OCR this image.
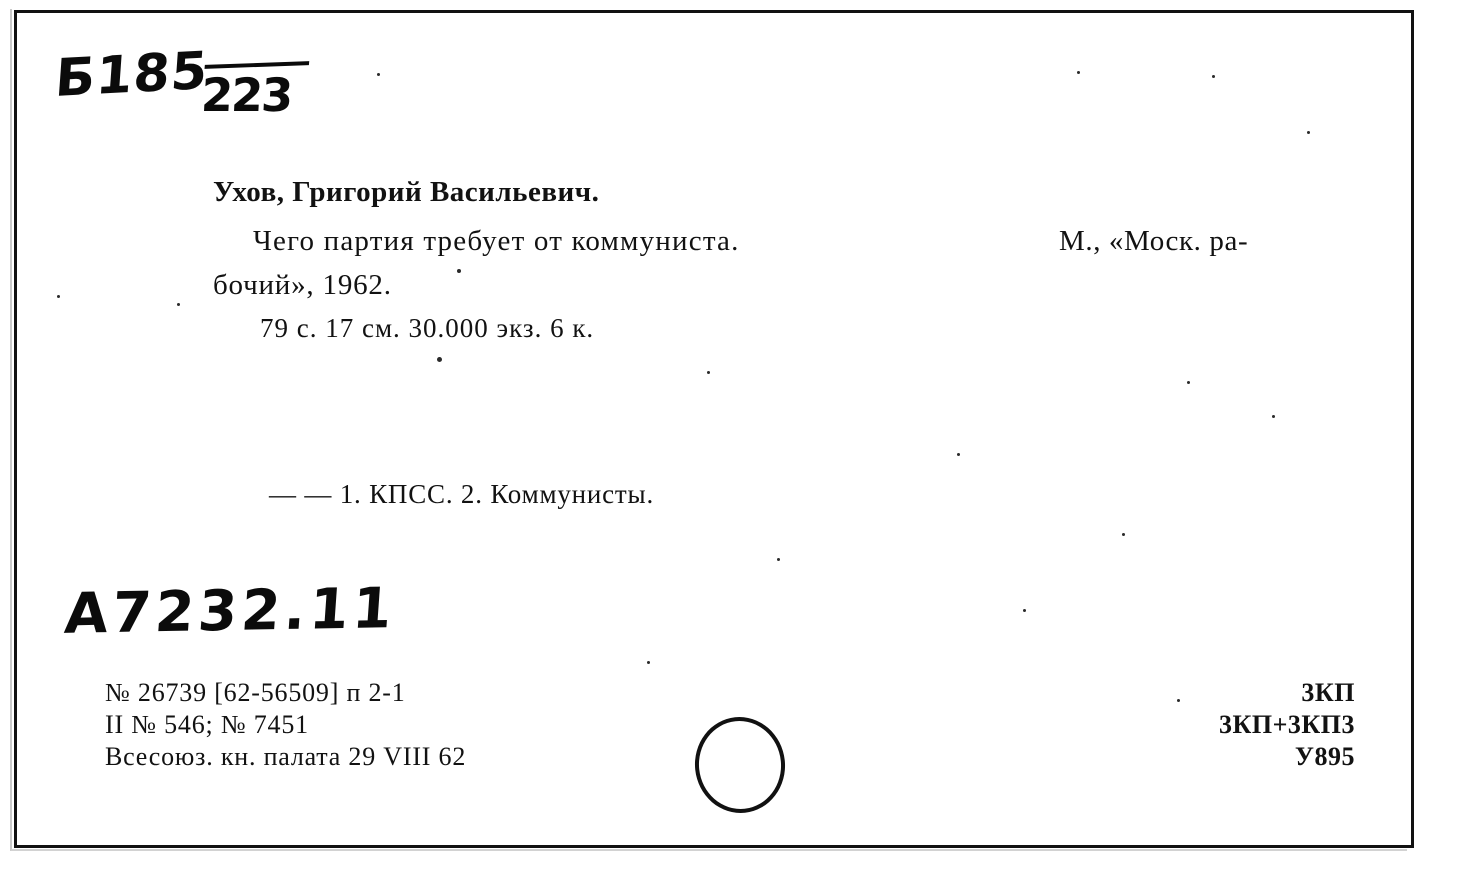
Б185
223
Ухов, Григорий Васильевич.
Чего партия требует от коммуниста.	М., «Моск. ра-
бочий», 1962.
79 с. 17 см. 30.000 экз. 6 к.
— — 1. КПСС. 2. Коммунисты.
A7232.11
№ 26739 [62-56509] п 2-1
II № 546; № 7451
Всесоюз. кн. палата 29 VIII 62
3КП
3КП+3КП3
У895
